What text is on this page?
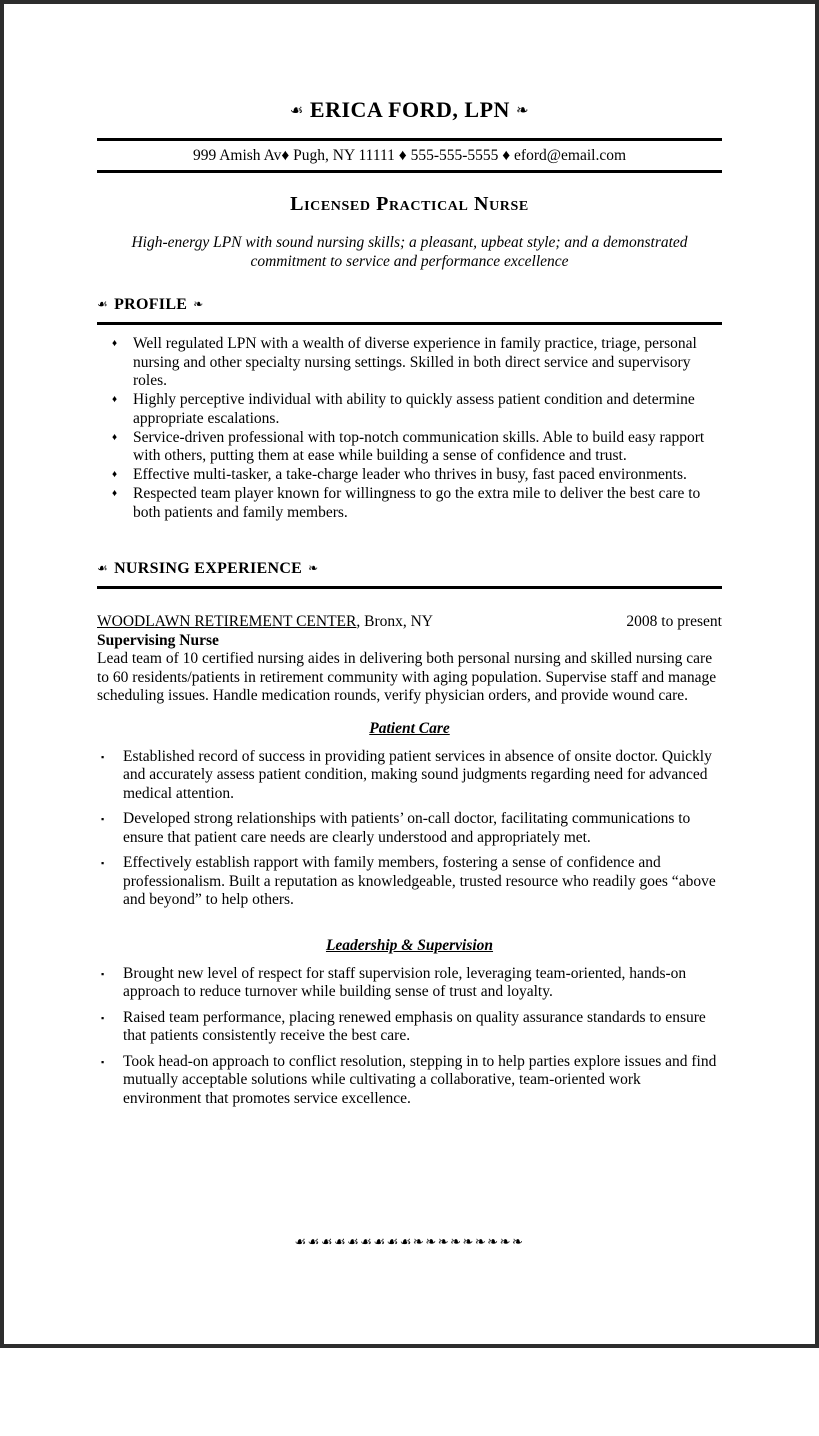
☙ ERICA FORD, LPN ❧
999 Amish Av♦ Pugh, NY 11111 ♦ 555-555-5555 ♦ eford@email.com
Licensed Practical Nurse

High-energy LPN with sound nursing skills; a pleasant, upbeat style; and a demonstrated commitment to service and performance excellence

☙ PROFILE ❧
♦	Well regulated LPN with a wealth of diverse experience in family practice, triage, personal nursing and other specialty nursing settings. Skilled in both direct service and supervisory roles.
♦	Highly perceptive individual with ability to quickly assess patient condition and determine appropriate escalations.
♦	Service-driven professional with top-notch communication skills. Able to build easy rapport with others, putting them at ease while building a sense of confidence and trust.
♦	Effective multi-tasker, a take-charge leader who thrives in busy, fast paced environments.
♦	Respected team player known for willingness to go the extra mile to deliver the best care to both patients and family members.
☙ NURSING EXPERIENCE ❧
WOODLAWN RETIREMENT CENTER, Bronx, NY	2008 to present
Supervising Nurse

Lead team of 10 certified nursing aides in delivering both personal nursing and skilled nursing care to 60 residents/patients in retirement community with aging population. Supervise staff and manage scheduling issues. Handle medication rounds, verify physician orders, and provide wound care.

Patient Care
▪	Established record of success in providing patient services in absence of onsite doctor. Quickly and accurately assess patient condition, making sound judgments regarding need for advanced medical attention.
▪	Developed strong relationships with patients’ on-call doctor, facilitating communications to ensure that patient care needs are clearly understood and appropriately met.
▪	Effectively establish rapport with family members, fostering a sense of confidence and professionalism. Built a reputation as knowledgeable, trusted resource who readily goes “above and beyond” to help others.
Leadership & Supervision
▪	Brought new level of respect for staff supervision role, leveraging team-oriented, hands-on approach to reduce turnover while building sense of trust and loyalty.
▪	Raised team performance, placing renewed emphasis on quality assurance standards to ensure that patients consistently receive the best care.
▪	Took head-on approach to conflict resolution, stepping in to help parties explore issues and find mutually acceptable solutions while cultivating a collaborative, team-oriented work environment that promotes service excellence.
☙☙☙☙☙☙☙☙☙❧❧❧❧❧❧❧❧❧
